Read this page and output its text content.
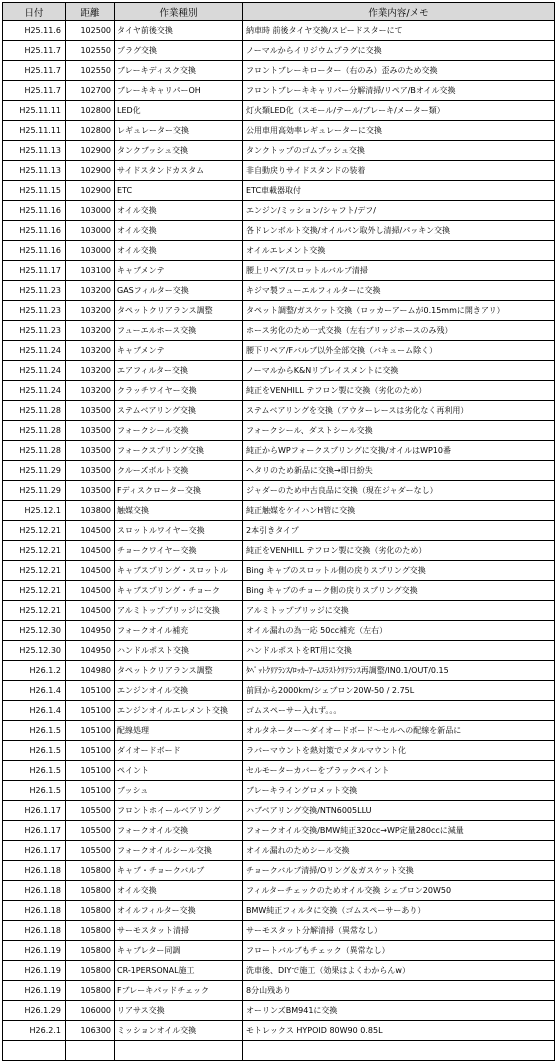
日付	距離	作業種別	作業内容/メモ
H25.11.6	102500	タイヤ前後交換	納車時 前後タイヤ交換/スピードスターにて
H25.11.7	102550	プラグ交換	ノーマルからイリジウムプラグに交換
H25.11.7	102550	ブレーキディスク交換	フロントブレーキローター（右のみ）歪みのため交換
H25.11.7	102700	ブレーキキャリパーOH	フロントブレーキキャリパー分解清掃/リペア/Bオイル交換
H25.11.11	102800	LED化	灯火類LED化（スモール/テール/ブレーキ/メーター類）
H25.11.11	102800	レギュレーター交換	公用車用高効率レギュレーターに交換
H25.11.13	102900	タンクブッシュ交換	タンクトップのゴムブッシュ交換
H25.11.13	102900	サイドスタンドカスタム	非自動戻りサイドスタンドの装着
H25.11.15	102900	ETC	ETC車載器取付
H25.11.16	103000	オイル交換	エンジン/ミッション/シャフト/デフ/
H25.11.16	103000	オイル交換	各ドレンボルト交換/オイルパン取外し清掃/パッキン交換
H25.11.16	103000	オイル交換	オイルエレメント交換
H25.11.17	103100	キャブメンテ	腰上リペア/スロットルバルブ清掃
H25.11.23	103200	GASフィルター交換	キジマ製フューエルフィルターに交換
H25.11.23	103200	タペットクリアランス調整	タペット調整/ガスケット交換（ロッカーアームが0.15mmに開きアリ）
H25.11.23	103200	フューエルホース交換	ホース劣化のため一式交換（左右ブリッジホースのみ残）
H25.11.24	103200	キャブメンテ	腰下リペア/Fバルブ以外全部交換（バキューム除く）
H25.11.24	103200	エアフィルター交換	ノーマルからK&Nリプレイスメントに交換
H25.11.24	103200	クラッチワイヤー交換	純正をVENHILL テフロン製に交換（劣化のため）
H25.11.28	103500	ステムベアリング交換	ステムベアリングを交換（アウターレースは劣化なく再利用）
H25.11.28	103500	フォークシール交換	フォークシール、ダストシール交換
H25.11.28	103500	フォークスプリング交換	純正からWPフォークスプリングに交換/オイルはWP10番
H25.11.29	103500	クルーズボルト交換	ヘタリのため新品に交換→即日紛失
H25.11.29	103500	Fディスクローター交換	ジャダーのため中古良品に交換（現在ジャダーなし）
H25.12.1	103800	触媒交換	純正触媒をケイハンH管に交換
H25.12.21	104500	スロットルワイヤー交換	2本引きタイプ
H25.12.21	104500	チョークワイヤー交換	純正をVENHILL テフロン製に交換（劣化のため）
H25.12.21	104500	キャブスプリング・スロットル	Bing キャブのスロットル側の戻りスプリング交換
H25.12.21	104500	キャブスプリング・チョーク	Bing キャブのチョーク側の戻りスプリング交換
H25.12.21	104500	アルミトップブリッジに交換	アルミトップブリッジに交換
H25.12.30	104950	フォークオイル補充	オイル漏れの為一応 50cc補充（左右）
H25.12.30	104950	ハンドルポスト交換	ハンドルポストをRT用に交換
H26.1.2	104980	タペットクリアランス調整	ﾀﾍﾟｯﾄｸﾘｱﾗﾝｽ/ﾛｯｶｰｱｰﾑｽﾗｽﾄｸﾘｱﾗﾝｽ再調整/IN0.1/OUT/0.15
H26.1.4	105100	エンジンオイル交換	前回から2000km/シェブロン20W-50 / 2.75L
H26.1.4	105100	エンジンオイルエレメント交換	ゴムスペーサー入れず。。。
H26.1.5	105100	配線処理	オルタネーター～ダイオードボード～セルへの配線を新品に
H26.1.5	105100	ダイオードボード	ラバーマウントを熱対策でメタルマウント化
H26.1.5	105100	ペイント	セルモーターカバーをブラックペイント
H26.1.5	105100	ブッシュ	ブレーキライングロメット交換
H26.1.17	105500	フロントホイールベアリング	ハブベアリング交換/NTN6005LLU
H26.1.17	105500	フォークオイル交換	フォークオイル交換/BMW純正320cc→WP定量280ccに減量
H26.1.17	105500	フォークオイルシール交換	オイル漏れのためシール交換
H26.1.18	105800	キャブ・チョークバルブ	チョークバルブ清掃/Oリング＆ガスケット交換
H26.1.18	105800	オイル交換	フィルターチェックのためオイル交換 シェブロン20W50
H26.1.18	105800	オイルフィルター交換	BMW純正フィルタに交換（ゴムスペーサーあり）
H26.1.18	105800	サーモスタット清掃	サーモスタット分解清掃（異常なし）
H26.1.19	105800	キャブレター同調	フロートバルブもチェック（異常なし）
H26.1.19	105800	CR-1PERSONAL施工	洗車後、DIYで施工（効果はよくわからんw）
H26.1.19	105800	Fブレーキパッドチェック	8分山残あり
H26.1.29	106000	リアサス交換	オーリンズBM941に交換
H26.2.1	106300	ミッションオイル交換	モトレックス HYPOID 80W90 0.85L
